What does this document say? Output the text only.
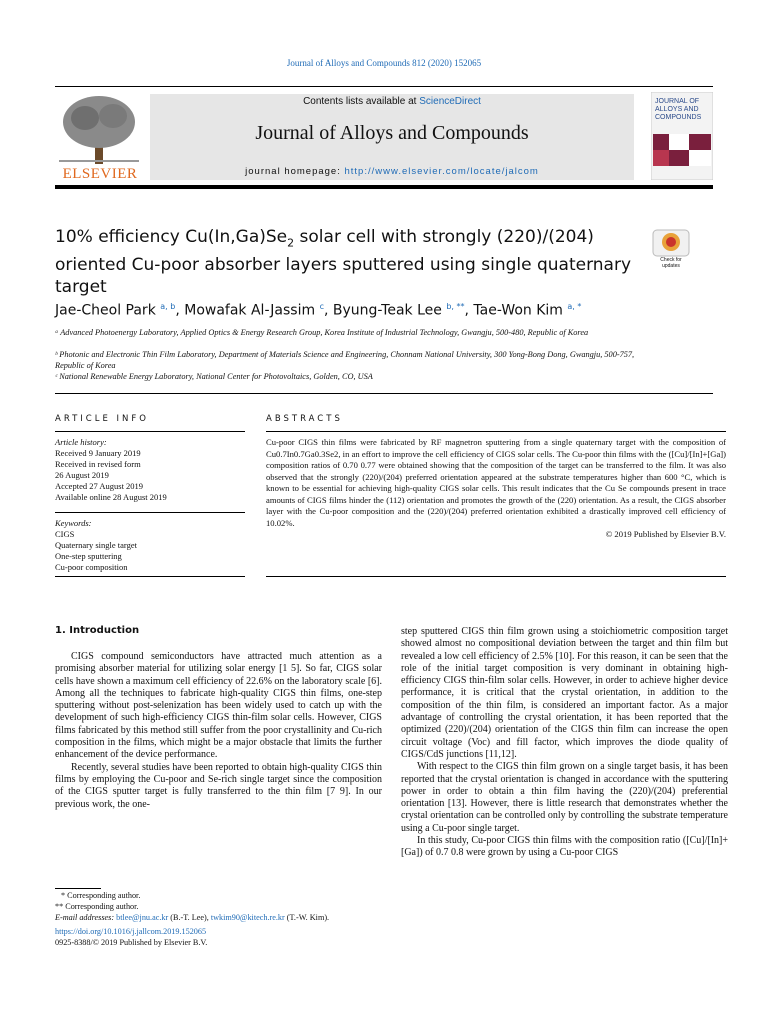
Journal of Alloys and Compounds 812 (2020) 152065
ELSEVIER
Contents lists available at ScienceDirect
Journal of Alloys and Compounds
journal homepage: http://www.elsevier.com/locate/jalcom
JOURNAL OF ALLOYS AND COMPOUNDS
10% efficiency $Cu(In,Ga)Se_2$ solar cell with strongly (220)/(204) oriented Cu-poor absorber layers sputtered using single quaternary target
Check for updates
Jae-Cheol Park $^{a, b}$, Mowafak Al-Jassim $^c$, Byung-Teak Lee $^{b, **}$, Tae-Won Kim $^{a, *}$
ᵃ Advanced Photoenergy Laboratory, Applied Optics & Energy Research Group, Korea Institute of Industrial Technology, Gwangju, 500-480, Republic of Korea
ᵇ Photonic and Electronic Thin Film Laboratory, Department of Materials Science and Engineering, Chonnam National University, 300 Yong-Bong Dong, Gwangju, 500-757, Republic of Korea
ᶜ National Renewable Energy Laboratory, National Center for Photovoltaics, Golden, CO, USA
ARTICLE INFO
Article history:
Received 9 January 2019
Received in revised form
26 August 2019
Accepted 27 August 2019
Available online 28 August 2019
Keywords:
CIGS
Quaternary single target
One-step sputtering
Cu-poor composition
ABSTRACTS
Cu-poor CIGS thin films were fabricated by RF magnetron sputtering from a single quaternary target with the composition of Cu0.7In0.7Ga0.3Se2, in an effort to improve the cell efficiency of CIGS solar cells. The Cu-poor thin films with the ([Cu]/[In]+[Ga]) composition ratios of 0.70 0.77 were obtained showing that the composition of the target can be transferred to the film. It was also observed that the strongly (220)/(204) preferred orientation appeared at the substrate temperatures higher than 600 °C, which is known to be essential for achieving high-quality CIGS solar cells. This result indicates that the Cu Se compounds present in trace amounts of CIGS films hinder the (112) orientation and promotes the growth of the (220) orientation. As a result, the CIGS absorber layer with the Cu-poor composition and the (220)/(204) preferred orientation exhibited a drastically improved cell efficiency of 10.02%.
© 2019 Published by Elsevier B.V.
1. Introduction

CIGS compound semiconductors have attracted much attention as a promising absorber material for utilizing solar energy [1 5]. So far, CIGS solar cells have shown a maximum cell efficiency of 22.6% on the laboratory scale [6]. Among all the techniques to fabricate high-quality CIGS thin films, one-step sputtering without post-selenization has been widely used to catch up with the development of such high-efficiency CIGS thin-film solar cells. However, CIGS films fabricated by this method still suffer from the poor crystallinity and Cu-rich composition in the films, which might be a major obstacle that limits the further enhancement of the device performance.

Recently, several studies have been reported to obtain high-quality CIGS thin films by employing the Cu-poor and Se-rich single target since the composition of the CIGS sputter target is fully transferred to the thin film [7 9]. In our previous work, the one-

step sputtered CIGS thin film grown using a stoichiometric composition target showed almost no compositional deviation between the target and thin film but revealed a low cell efficiency of 2.5% [10]. For this reason, it can be seen that the role of the initial target composition is very dominant in obtaining high-efficiency CIGS thin-film solar cells. However, in order to achieve higher device performance, it is critical that the crystal orientation, in addition to the composition of the thin film, is considered an important factor. As a major advantage of controlling the crystal orientation, it has been reported that the optimized (220)/(204) orientation of the CIGS thin film can increase the open circuit voltage (Voc) and fill factor, which improves the diode quality of CIGS/CdS junctions [11,12].

With respect to the CIGS thin film grown on a single target basis, it has been reported that the crystal orientation is changed in accordance with the sputtering power in order to obtain a thin film having the (220)/(204) preferential orientation [13]. However, there is little research that demonstrates whether the crystal orientation can be controlled only by controlling the substrate temperature using a Cu-poor single target.

In this study, Cu-poor CIGS thin films with the composition ratio ([Cu]/[In]+[Ga]) of 0.7 0.8 were grown by using a Cu-poor CIGS

* Corresponding author.
** Corresponding author.
E-mail addresses: btlee@jnu.ac.kr (B.-T. Lee), twkim90@kitech.re.kr (T.-W. Kim).
https://doi.org/10.1016/j.jallcom.2019.152065
0925-8388/© 2019 Published by Elsevier B.V.
